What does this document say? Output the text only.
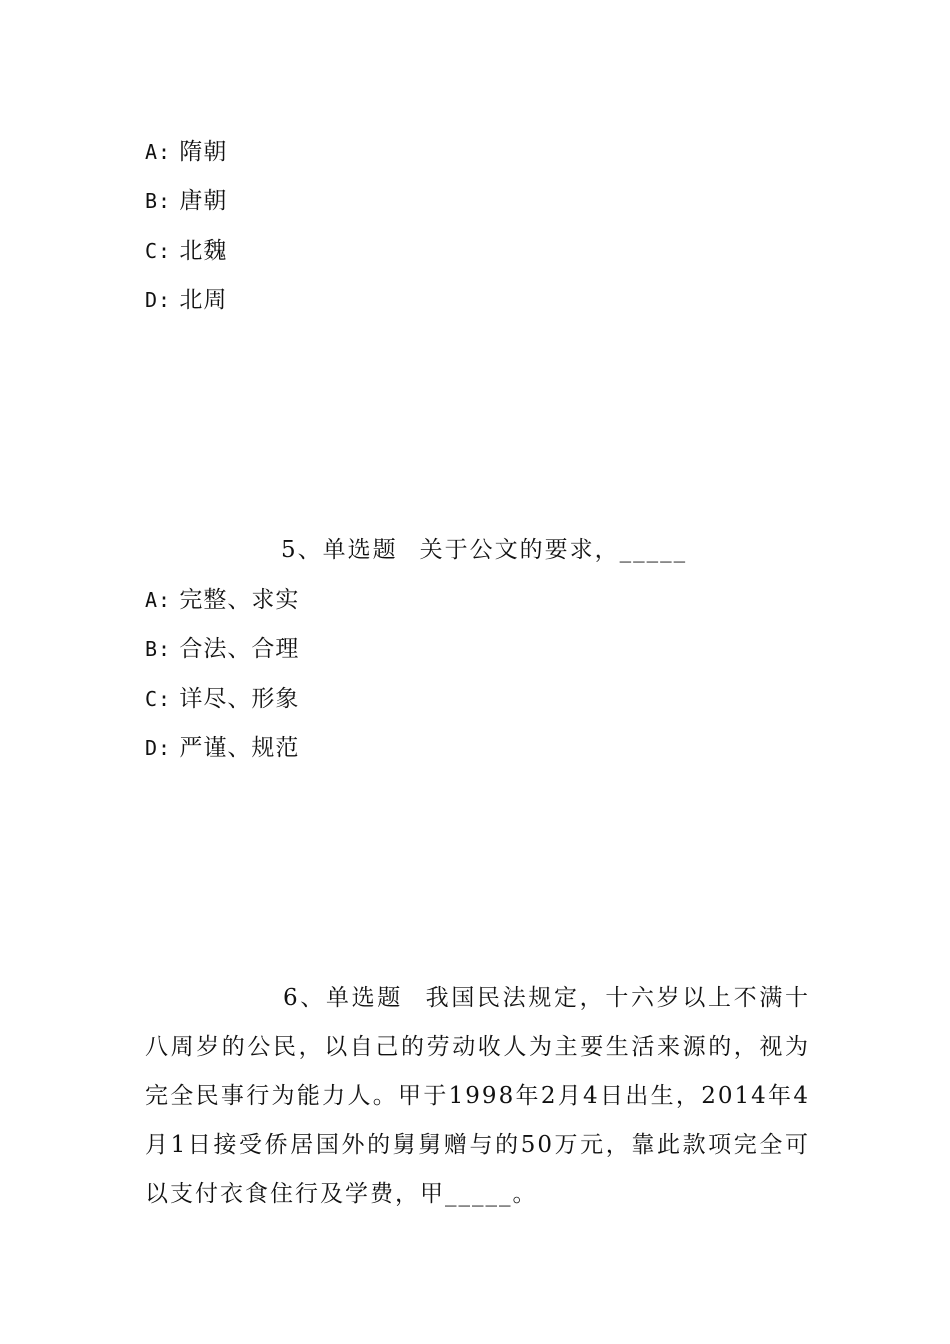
A: 隋朝
B: 唐朝
C: 北魏
D: 北周
5、单选题 关于公文的要求，_____
A: 完整、求实
B: 合法、合理
C: 详尽、形象
D: 严谨、规范
6、单选题 我国民法规定，十六岁以上不满十八周岁的公民，以自己的劳动收人为主要生活来源的，视为完全民事行为能力人。甲于1998年2月4日出生，2014年4月1日接受侨居国外的舅舅赠与的50万元，靠此款项完全可以支付衣食住行及学费，甲_____。
